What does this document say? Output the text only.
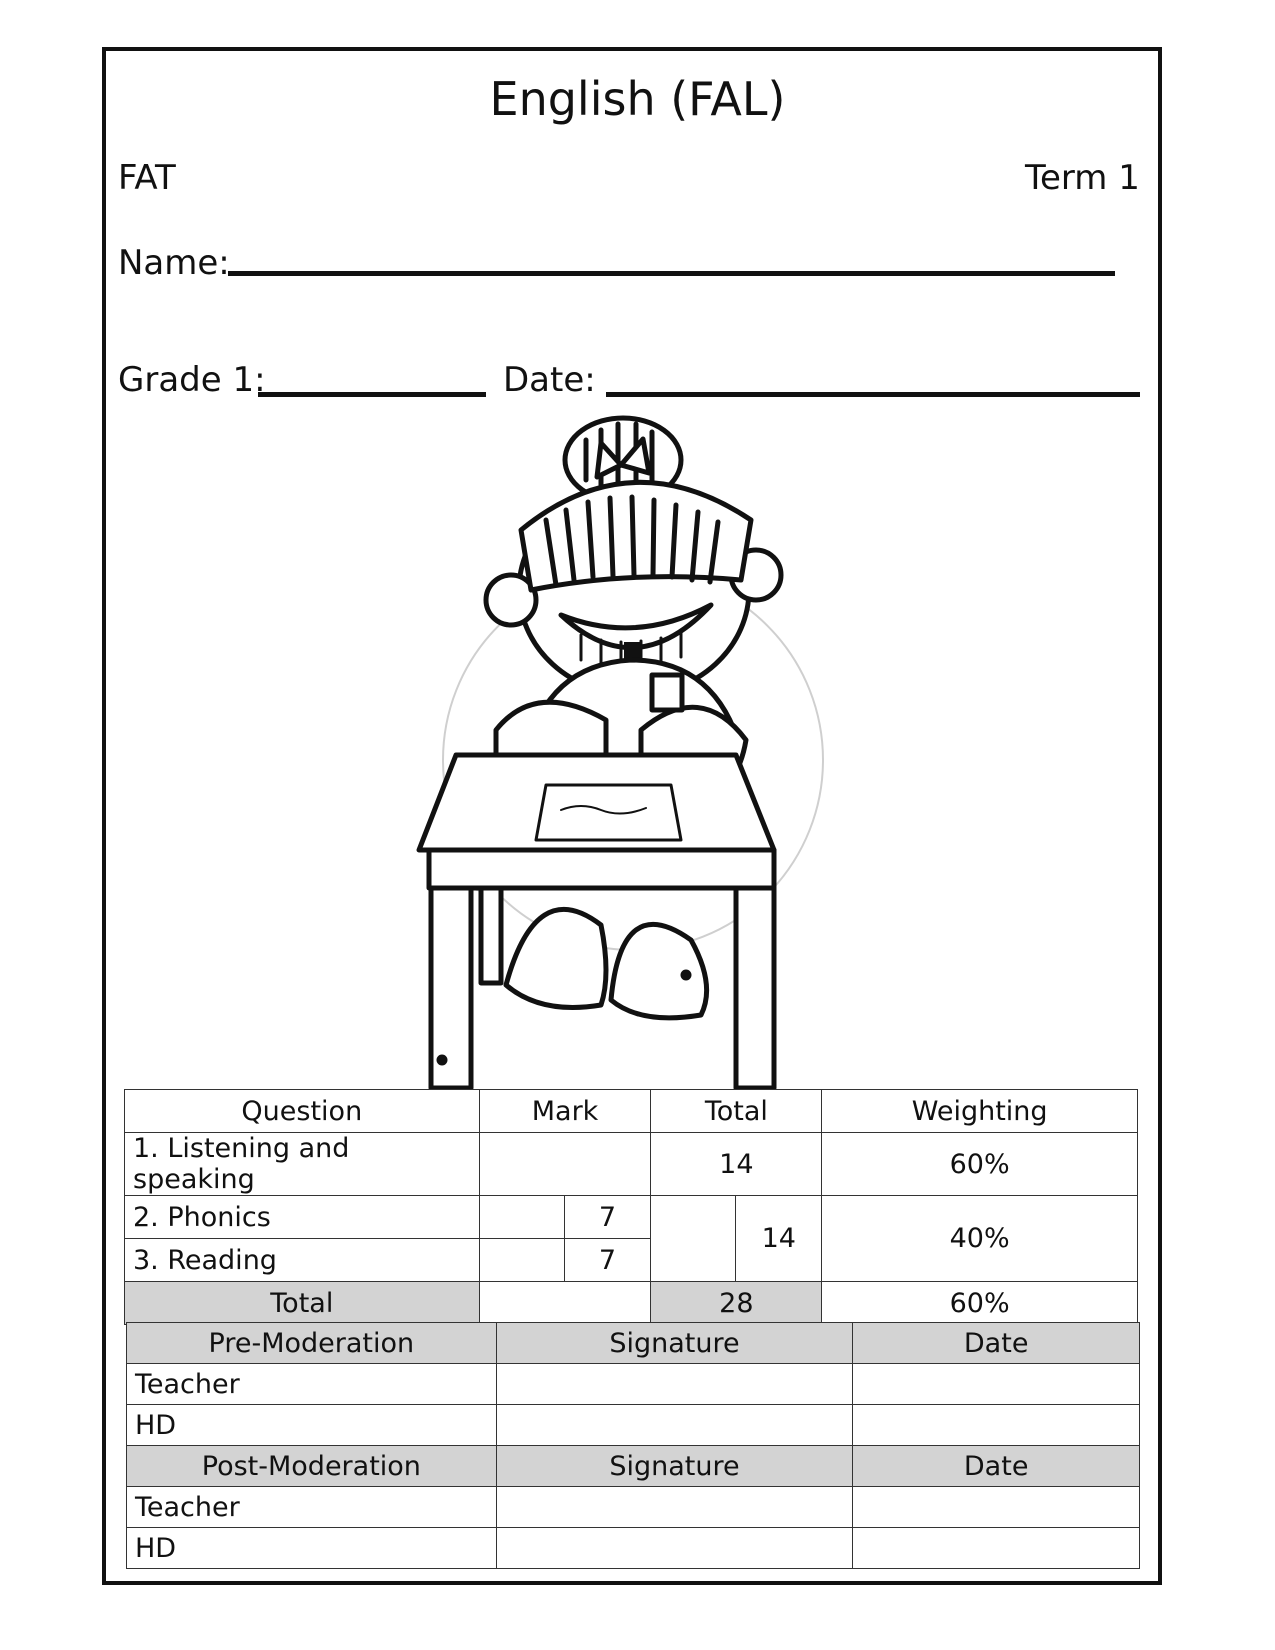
English (FAL)
FAT	Term 1
Name:
Grade 1:	Date:
Question	Mark		Total		Weighting
1. Listening and speaking			14		60%
2. Phonics		7		14	40%
3. Reading		7			
Total			28		60%
Pre-Moderation	Signature	Date
Teacher		
HD		
Post-Moderation	Signature	Date
Teacher		
HD		
